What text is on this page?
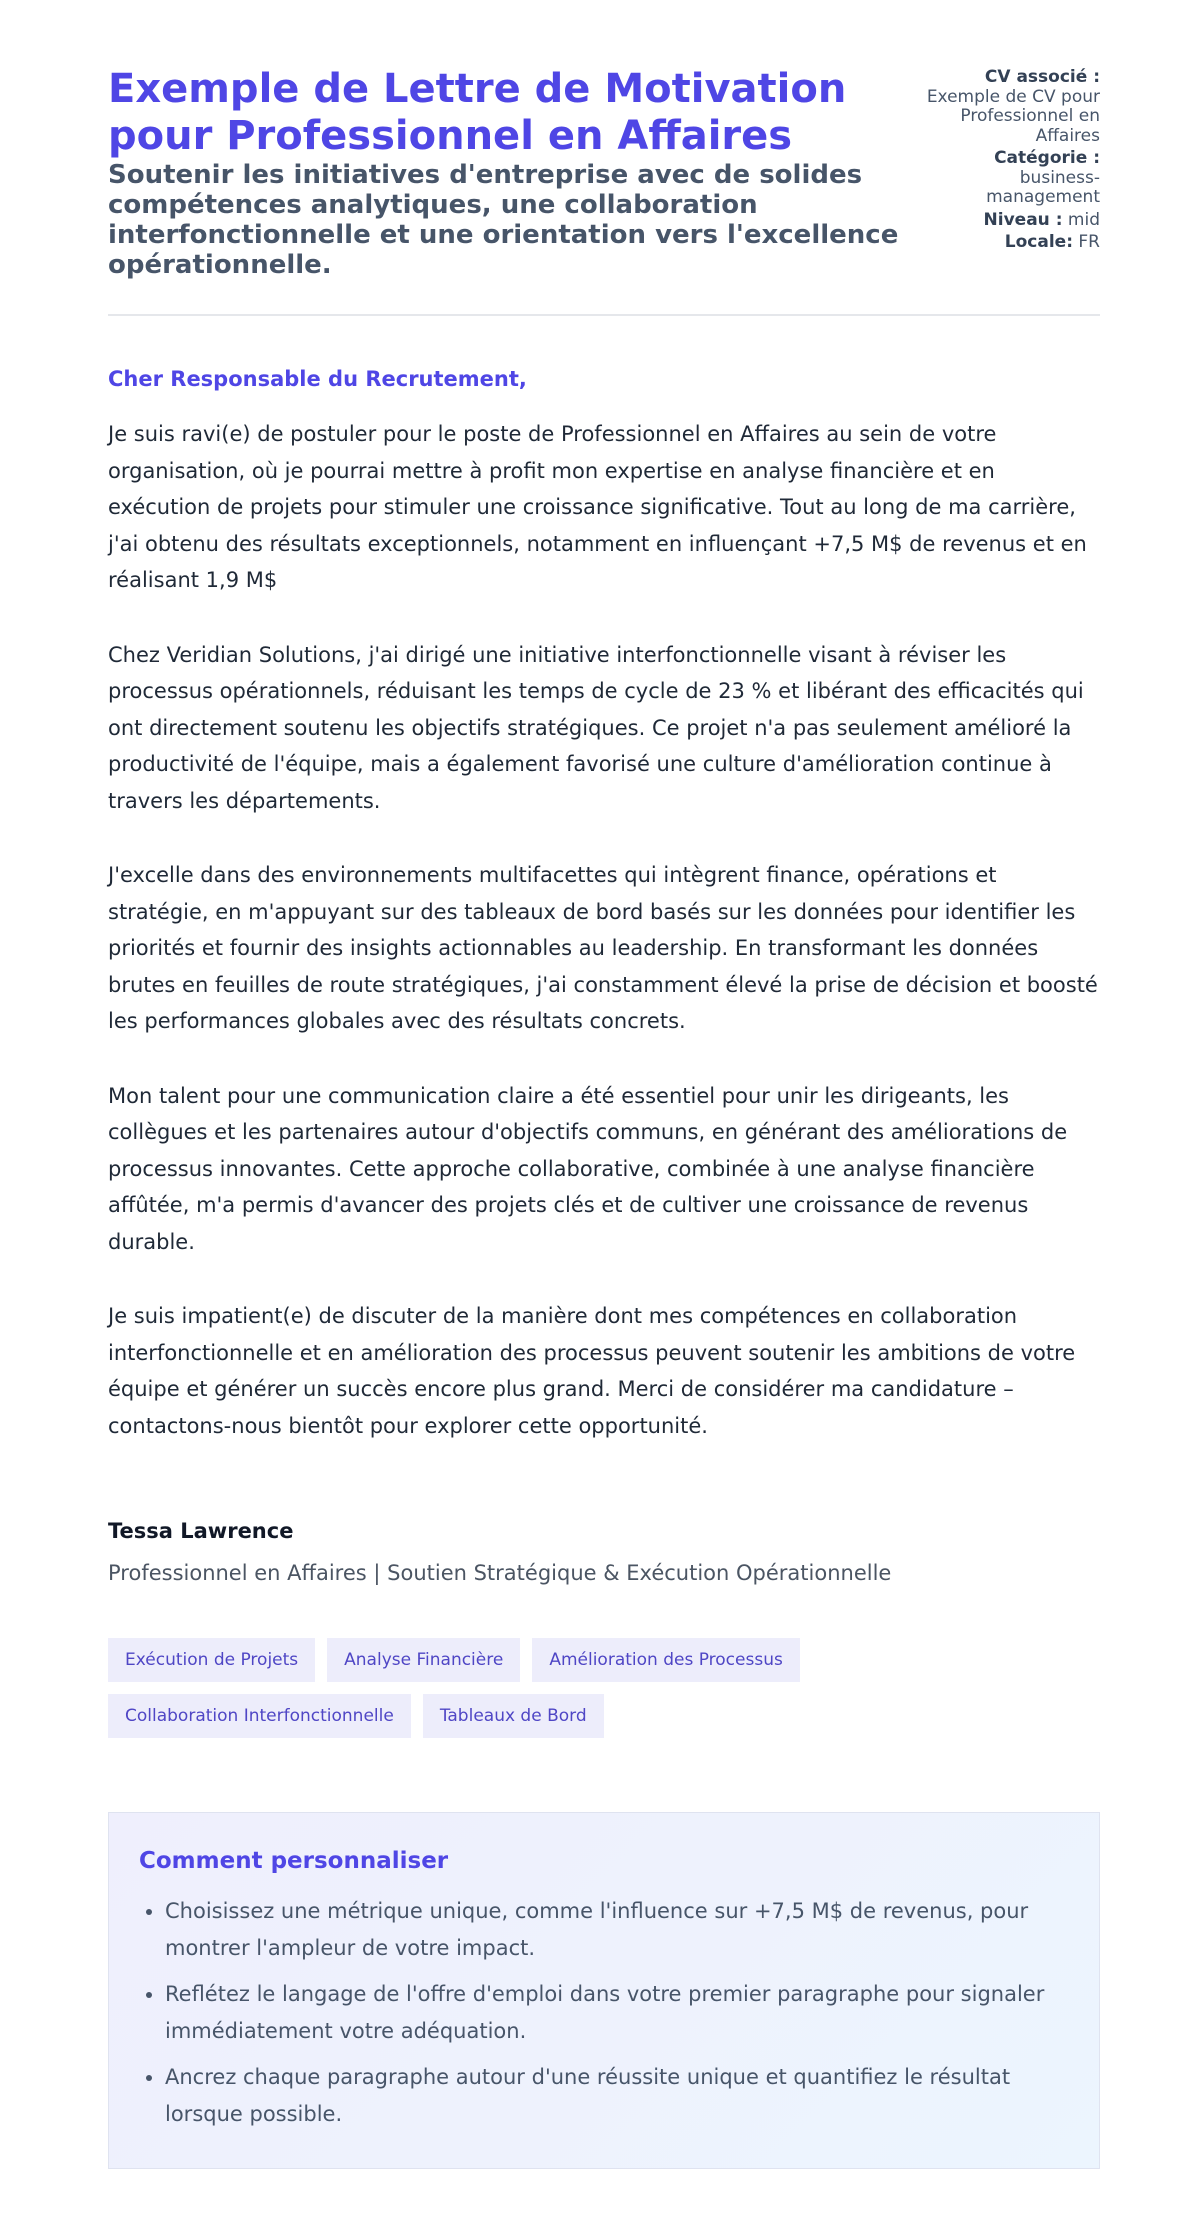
Exemple de Lettre de Motivation pour Professionnel en Affaires
Soutenir les initiatives d'entreprise avec de solides compétences analytiques, une collaboration interfonctionnelle et une orientation vers l'excellence opérationnelle.
CV associé :
Exemple de CV pour Professionnel en Affaires
Catégorie :
business-management
Niveau : mid
Locale: FR

Cher Responsable du Recrutement,

Je suis ravi(e) de postuler pour le poste de Professionnel en Affaires au sein de votre organisation, où je pourrai mettre à profit mon expertise en analyse financière et en exécution de projets pour stimuler une croissance significative. Tout au long de ma carrière, j'ai obtenu des résultats exceptionnels, notamment en influençant +7,5 M$ de revenus et en réalisant 1,9 M$

Chez Veridian Solutions, j'ai dirigé une initiative interfonctionnelle visant à réviser les processus opérationnels, réduisant les temps de cycle de 23 % et libérant des efficacités qui ont directement soutenu les objectifs stratégiques. Ce projet n'a pas seulement amélioré la productivité de l'équipe, mais a également favorisé une culture d'amélioration continue à travers les départements.

J'excelle dans des environnements multifacettes qui intègrent finance, opérations et stratégie, en m'appuyant sur des tableaux de bord basés sur les données pour identifier les priorités et fournir des insights actionnables au leadership. En transformant les données brutes en feuilles de route stratégiques, j'ai constamment élevé la prise de décision et boosté les performances globales avec des résultats concrets.

Mon talent pour une communication claire a été essentiel pour unir les dirigeants, les collègues et les partenaires autour d'objectifs communs, en générant des améliorations de processus innovantes. Cette approche collaborative, combinée à une analyse financière affûtée, m'a permis d'avancer des projets clés et de cultiver une croissance de revenus durable.

Je suis impatient(e) de discuter de la manière dont mes compétences en collaboration interfonctionnelle et en amélioration des processus peuvent soutenir les ambitions de votre équipe et générer un succès encore plus grand. Merci de considérer ma candidature – contactons-nous bientôt pour explorer cette opportunité.

Tessa Lawrence
Professionnel en Affaires | Soutien Stratégique & Exécution Opérationnelle
Exécution de Projets	Analyse Financière	Amélioration des Processus
Collaboration Interfonctionnelle	Tableaux de Bord
Comment personnaliser
• Choisissez une métrique unique, comme l'influence sur +7,5 M$ de revenus, pour montrer l'ampleur de votre impact.
• Reflétez le langage de l'offre d'emploi dans votre premier paragraphe pour signaler immédiatement votre adéquation.
• Ancrez chaque paragraphe autour d'une réussite unique et quantifiez le résultat lorsque possible.
